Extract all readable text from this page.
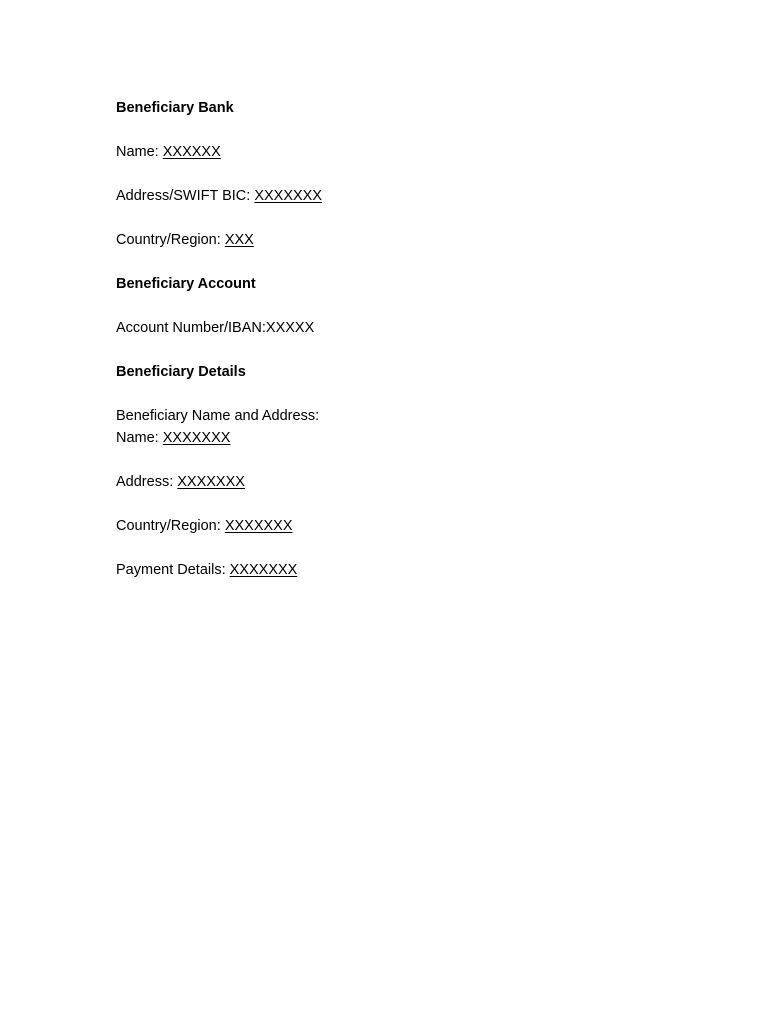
Beneficiary Bank
Name: XXXXXX
Address/SWIFT BIC: XXXXXXX
Country/Region: XXX
Beneficiary Account
Account Number/IBAN:XXXXX
Beneficiary Details
Beneficiary Name and Address:
Name: XXXXXXX
Address: XXXXXXX
Country/Region: XXXXXXX
Payment Details: XXXXXXX
